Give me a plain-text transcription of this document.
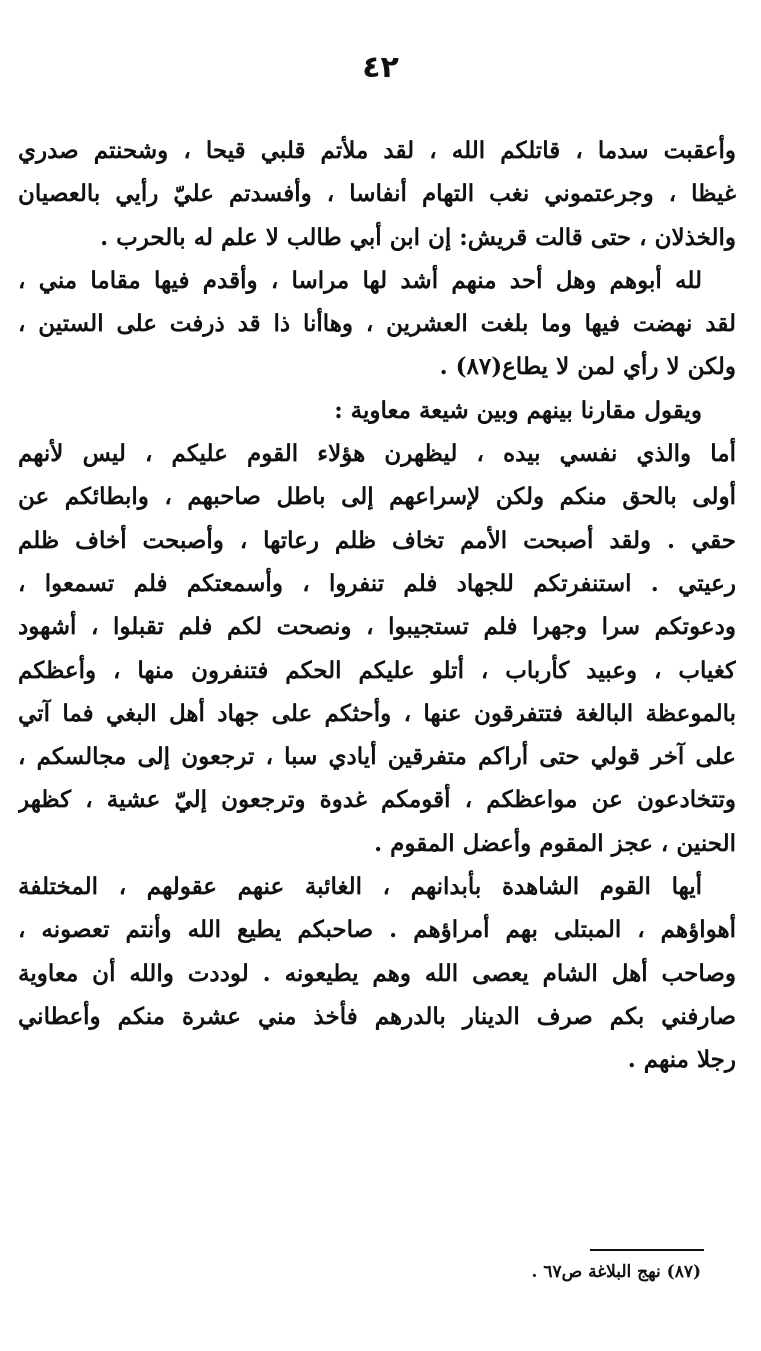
٤٢
وأعقبت سدما ، قاتلكم الله ، لقد ملأتم قلبي قيحا ، وشحنتم صدري
غيظا ، وجرعتموني نغب التهام أنفاسا ، وأفسدتم عليّ رأيي بالعصيان
والخذلان ، حتى قالت قريش: إن ابن أبي طالب لا علم له بالحرب .
لله أبوهم وهل أحد منهم أشد لها مراسا ، وأقدم فيها مقاما مني ،
لقد نهضت فيها وما بلغت العشرين ، وهاأنا ذا قد ذرفت على الستين ،
ولكن لا رأي لمن لا يطاع(٨٧) .
ويقول مقارنا بينهم وبين شيعة معاوية :
أما والذي نفسي بيده ، ليظهرن هؤلاء القوم عليكم ، ليس لأنهم
أولى بالحق منكم ولكن لإسراعهم إلى باطل صاحبهم ، وابطائكم عن
حقي . ولقد أصبحت الأمم تخاف ظلم رعاتها ، وأصبحت أخاف ظلم
رعيتي . استنفرتكم للجهاد فلم تنفروا ، وأسمعتكم فلم تسمعوا ،
ودعوتكم سرا وجهرا فلم تستجيبوا ، ونصحت لكم فلم تقبلوا ، أشهود
كغياب ، وعبيد كأرباب ، أتلو عليكم الحكم فتنفرون منها ، وأعظكم
بالموعظة البالغة فتتفرقون عنها ، وأحثكم على جهاد أهل البغي فما آتي
على آخر قولي حتى أراكم متفرقين أيادي سبا ، ترجعون إلى مجالسكم ،
وتتخادعون عن مواعظكم ، أقومكم غدوة وترجعون إليّ عشية ، كظهر
الحنين ، عجز المقوم وأعضل المقوم .
أيها القوم الشاهدة بأبدانهم ، الغائبة عنهم عقولهم ، المختلفة
أهواؤهم ، المبتلى بهم أمراؤهم . صاحبكم يطيع الله وأنتم تعصونه ،
وصاحب أهل الشام يعصى الله وهم يطيعونه . لوددت والله أن معاوية
صارفني بكم صرف الدينار بالدرهم فأخذ مني عشرة منكم وأعطاني
رجلا منهم .
(٨٧) نهج البلاغة ص٦٧ .
